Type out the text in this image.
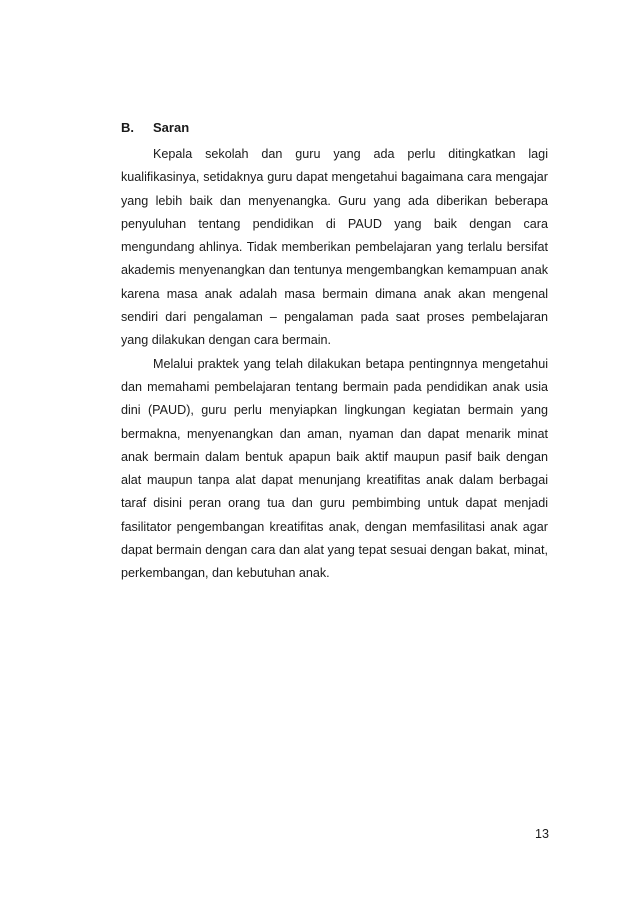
B. Saran

Kepala sekolah dan guru yang ada perlu ditingkatkan lagi kualifikasinya, setidaknya guru dapat mengetahui bagaimana cara mengajar yang lebih baik dan menyenangka. Guru yang ada diberikan beberapa penyuluhan tentang pendidikan di PAUD yang baik dengan cara mengundang ahlinya. Tidak memberikan pembelajaran yang terlalu bersifat akademis menyenangkan dan tentunya mengembangkan kemampuan anak karena masa anak adalah masa bermain dimana anak akan mengenal sendiri dari pengalaman – pengalaman pada saat proses pembelajaran yang dilakukan dengan cara bermain.

Melalui praktek yang telah dilakukan betapa pentingnnya mengetahui dan memahami pembelajaran tentang bermain pada pendidikan anak usia dini (PAUD), guru perlu menyiapkan lingkungan kegiatan bermain yang bermakna, menyenangkan dan aman, nyaman dan dapat menarik minat anak bermain dalam bentuk apapun baik aktif maupun pasif baik dengan alat maupun tanpa alat dapat menunjang kreatifitas anak dalam berbagai taraf disini peran orang tua dan guru pembimbing untuk dapat menjadi fasilitator pengembangan kreatifitas anak, dengan memfasilitasi anak agar dapat bermain dengan cara dan alat yang tepat sesuai dengan bakat, minat, perkembangan, dan kebutuhan anak.

13
